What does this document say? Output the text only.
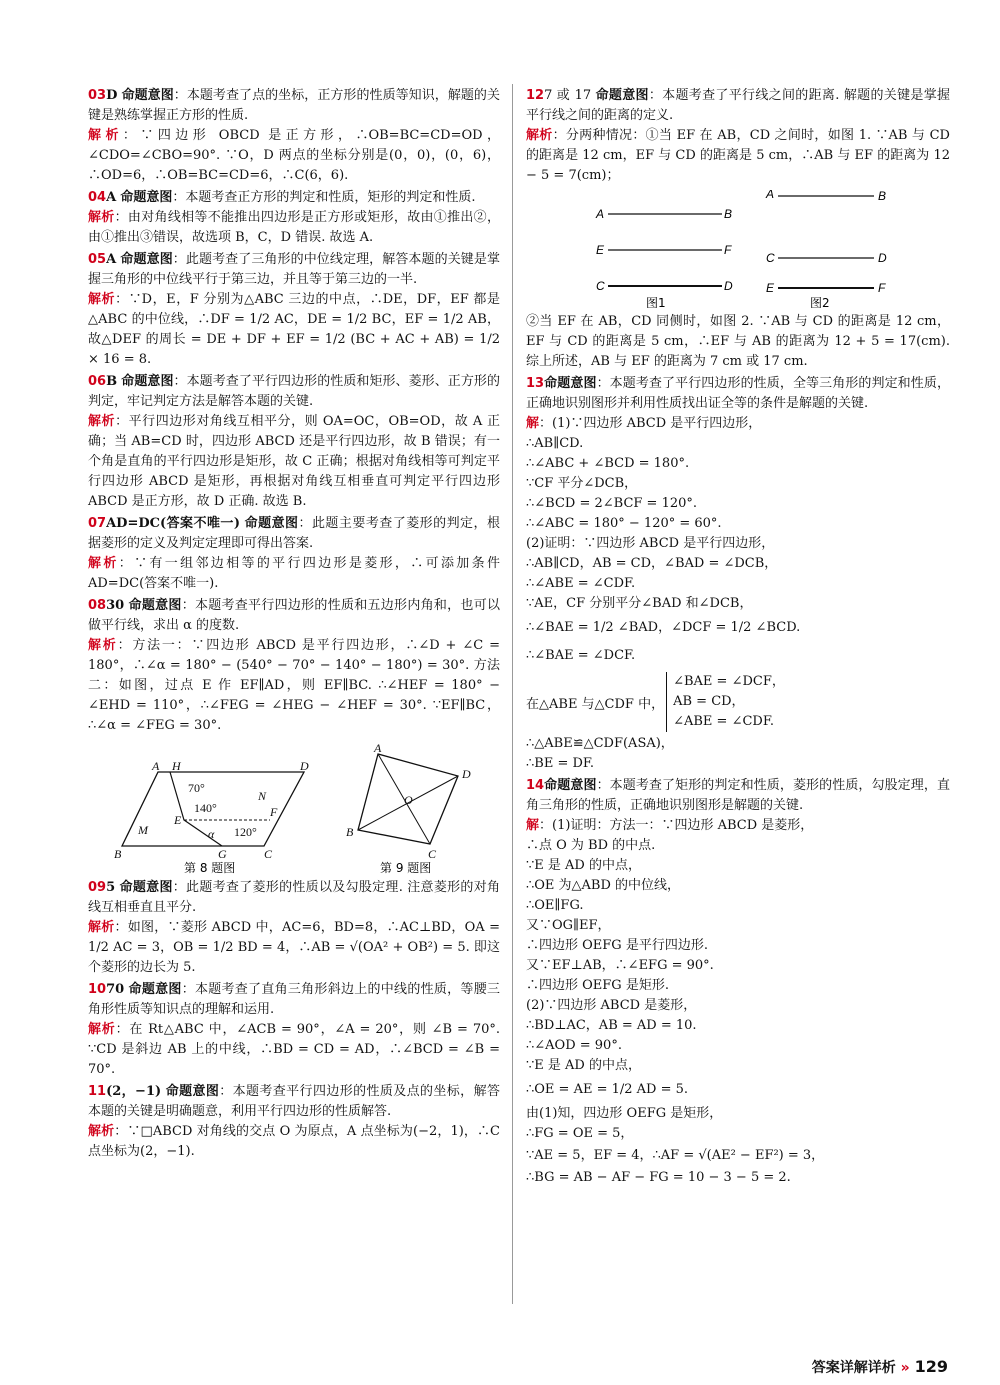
03D 命题意图：本题考查了点的坐标，正方形的性质等知识，解题的关键是熟练掌握正方形的性质.

解析：∵四边形 OBCD 是正方形，∴OB=BC=CD=OD，∠CDO=∠CBO=90°. ∵O，D 两点的坐标分别是(0，0)，(0，6)，∴OD=6，∴OB=BC=CD=6，∴C(6，6).

04A 命题意图：本题考查正方形的判定和性质，矩形的判定和性质.

解析：由对角线相等不能推出四边形是正方形或矩形，故由①推出②，由①推出③错误，故选项 B，C，D 错误. 故选 A.

05A 命题意图：此题考查了三角形的中位线定理，解答本题的关键是掌握三角形的中位线平行于第三边，并且等于第三边的一半.

解析：∵D，E，F 分别为△ABC 三边的中点，∴DE，DF，EF 都是△ABC 的中位线，∴DF = 1/2 AC，DE = 1/2 BC，EF = 1/2 AB，故△DEF 的周长 = DE + DF + EF = 1/2 (BC + AC + AB) = 1/2 × 16 = 8.

06B 命题意图：本题考查了平行四边形的性质和矩形、菱形、正方形的判定，牢记判定方法是解答本题的关键.

解析：平行四边形对角线互相平分，则 OA=OC，OB=OD，故 A 正确；当 AB=CD 时，四边形 ABCD 还是平行四边形，故 B 错误；有一个角是直角的平行四边形是矩形，故 C 正确；根据对角线相等可判定平行四边形 ABCD 是矩形，再根据对角线互相垂直可判定平行四边形 ABCD 是正方形，故 D 正确. 故选 B.

07AD=DC(答案不唯一) 命题意图：此题主要考查了菱形的判定，根据菱形的定义及判定定理即可得出答案.

解析：∵有一组邻边相等的平行四边形是菱形，∴可添加条件 AD=DC(答案不唯一).

0830 命题意图：本题考查平行四边形的性质和五边形内角和，也可以做平行线，求出 α 的度数.

解析：方法一：∵四边形 ABCD 是平行四边形，∴∠D + ∠C = 180°，∴∠α = 180° − (540° − 70° − 140° − 180°) = 30°. 方法二：如图，过点 E 作 EF∥AD，则 EF∥BC. ∴∠HEF = 180° − ∠EHD = 110°，∴∠FEG = ∠HEG − ∠HEF = 30°. ∵EF∥BC，∴∠α = ∠FEG = 30°.

A H	D
70°
N
E
140°	F
M	α 120°
B	G	C
A
D
O
B
C
第 8 题图	第 9 题图

095 命题意图：此题考查了菱形的性质以及勾股定理. 注意菱形的对角线互相垂直且平分.

解析：如图，∵菱形 ABCD 中，AC=6，BD=8，∴AC⊥BD，OA = 1/2 AC = 3，OB = 1/2 BD = 4，∴AB = √(OA² + OB²) = 5. 即这个菱形的边长为 5.

1070 命题意图：本题考查了直角三角形斜边上的中线的性质，等腰三角形性质等知识点的理解和运用.

解析：在 Rt△ABC 中，∠ACB = 90°，∠A = 20°，则 ∠B = 70°. ∵CD 是斜边 AB 上的中线，∴BD = CD = AD，∴∠BCD = ∠B = 70°.

11(2，−1) 命题意图：本题考查平行四边形的性质及点的坐标，解答本题的关键是明确题意，利用平行四边形的性质解答.

解析：∵□ABCD 对角线的交点 O 为原点，A 点坐标为(−2，1)，∴C 点坐标为(2，−1).

127 或 17 命题意图：本题考查了平行线之间的距离. 解题的关键是掌握平行线之间的距离的定义.

解析：分两种情况：①当 EF 在 AB，CD 之间时，如图 1. ∵AB 与 CD 的距离是 12 cm，EF 与 CD 的距离是 5 cm，∴AB 与 EF 的距离为 12 − 5 = 7(cm)；

A	B
E	F
C	D
A	B
C	D
E	F
图1	图2

②当 EF 在 AB，CD 同侧时，如图 2. ∵AB 与 CD 的距离是 12 cm，EF 与 CD 的距离是 5 cm，∴EF 与 AB 的距离为 12 + 5 = 17(cm). 综上所述，AB 与 EF 的距离为 7 cm 或 17 cm.

13命题意图：本题考查了平行四边形的性质，全等三角形的判定和性质，正确地识别图形并利用性质找出证全等的条件是解题的关键.

解：(1)∵四边形 ABCD 是平行四边形，

∴AB∥CD.

∴∠ABC + ∠BCD = 180°.

∵CF 平分∠DCB，

∴∠BCD = 2∠BCF = 120°.

∴∠ABC = 180° − 120° = 60°.

(2)证明：∵四边形 ABCD 是平行四边形，

∴AB∥CD，AB = CD，∠BAD = ∠DCB，

∴∠ABE = ∠CDF.

∵AE，CF 分别平分∠BAD 和∠DCB，

∴∠BAE = 1/2 ∠BAD，∠DCF = 1/2 ∠BCD.

∴∠BAE = ∠DCF.

在△ABE 与△CDF 中，
∠BAE = ∠DCF，
AB = CD，
∠ABE = ∠CDF.

∴△ABE≌△CDF(ASA)，

∴BE = DF.

14命题意图：本题考查了矩形的判定和性质，菱形的性质，勾股定理，直角三角形的性质，正确地识别图形是解题的关键.

解：(1)证明：方法一：∵四边形 ABCD 是菱形，

∴点 O 为 BD 的中点.

∵E 是 AD 的中点，

∴OE 为△ABD 的中位线，

∴OE∥FG.

又∵OG∥EF，

∴四边形 OEFG 是平行四边形.

又∵EF⊥AB，∴∠EFG = 90°.

∴四边形 OEFG 是矩形.

(2)∵四边形 ABCD 是菱形，

∴BD⊥AC，AB = AD = 10.

∴∠AOD = 90°.

∵E 是 AD 的中点，

∴OE = AE = 1/2 AD = 5.

由(1)知，四边形 OEFG 是矩形，

∴FG = OE = 5，

∵AE = 5，EF = 4，∴AF = √(AE² − EF²) = 3，

∴BG = AB − AF − FG = 10 − 3 − 5 = 2.

答案详解详析 » 129
